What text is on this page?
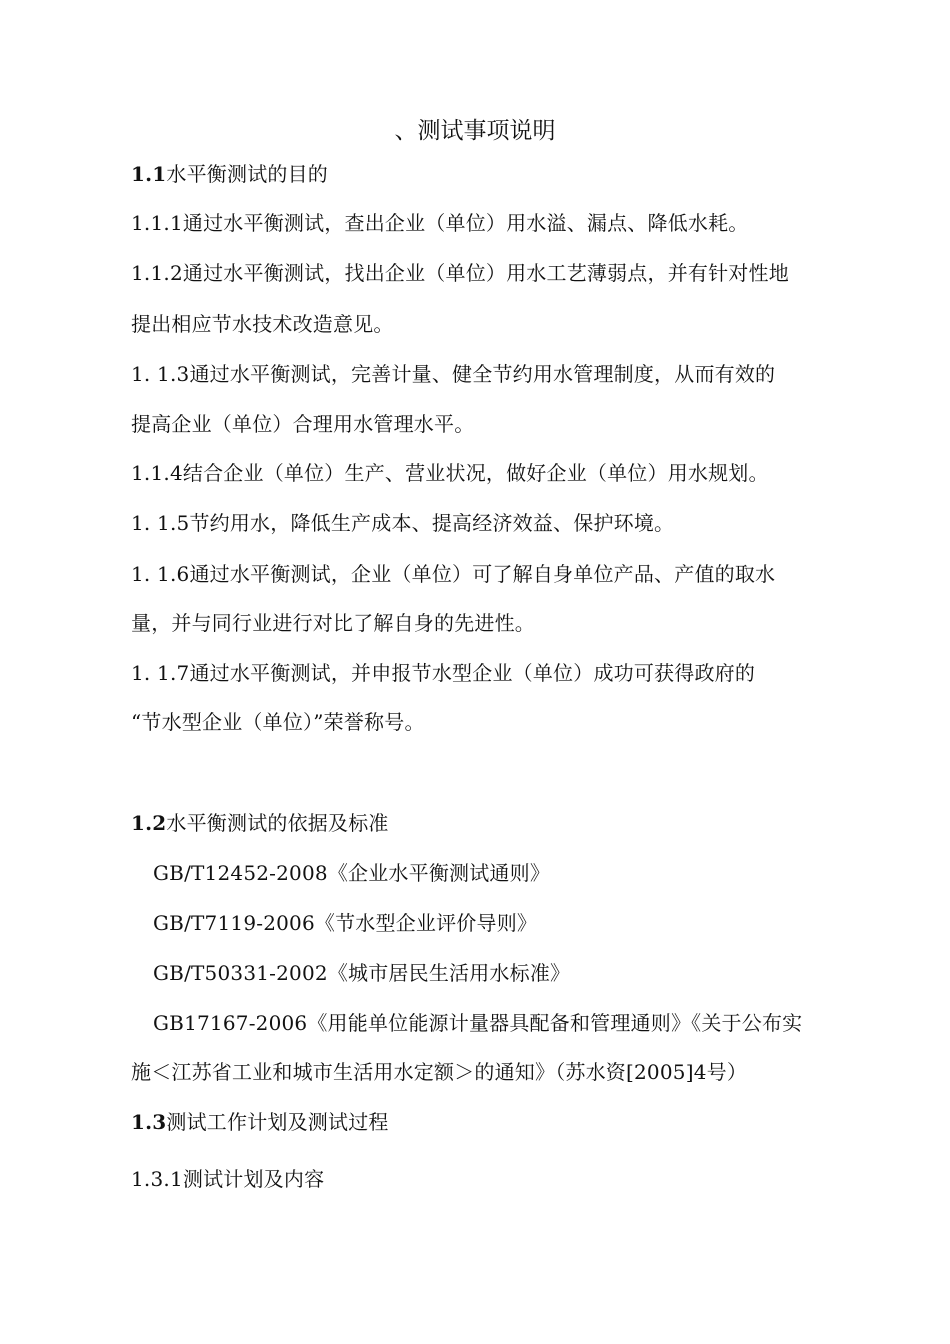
、测试事项说明
1.1水平衡测试的目的
1.1.1通过水平衡测试，查出企业（单位）用水溢、漏点、降低水耗。
1.1.2通过水平衡测试，找出企业（单位）用水工艺薄弱点，并有针对性地
提出相应节水技术改造意见。
1. 1.3通过水平衡测试，完善计量、健全节约用水管理制度，从而有效的
提高企业（单位）合理用水管理水平。
1.1.4结合企业（单位）生产、营业状况，做好企业（单位）用水规划。
1. 1.5节约用水，降低生产成本、提高经济效益、保护环境。
1. 1.6通过水平衡测试，企业（单位）可了解自身单位产品、产值的取水
量，并与同行业进行对比了解自身的先进性。
1. 1.7通过水平衡测试，并申报节水型企业（单位）成功可获得政府的
“节水型企业（单位）”荣誉称号。
1.2水平衡测试的依据及标准
GB/T12452-2008《企业水平衡测试通则》
GB/T7119-2006《节水型企业评价导则》
GB/T50331-2002《城市居民生活用水标准》
GB17167-2006《用能单位能源计量器具配备和管理通则》《关于公布实
施＜江苏省工业和城市生活用水定额＞的通知》（苏水资[2005]4号）
1.3测试工作计划及测试过程
1.3.1测试计划及内容
